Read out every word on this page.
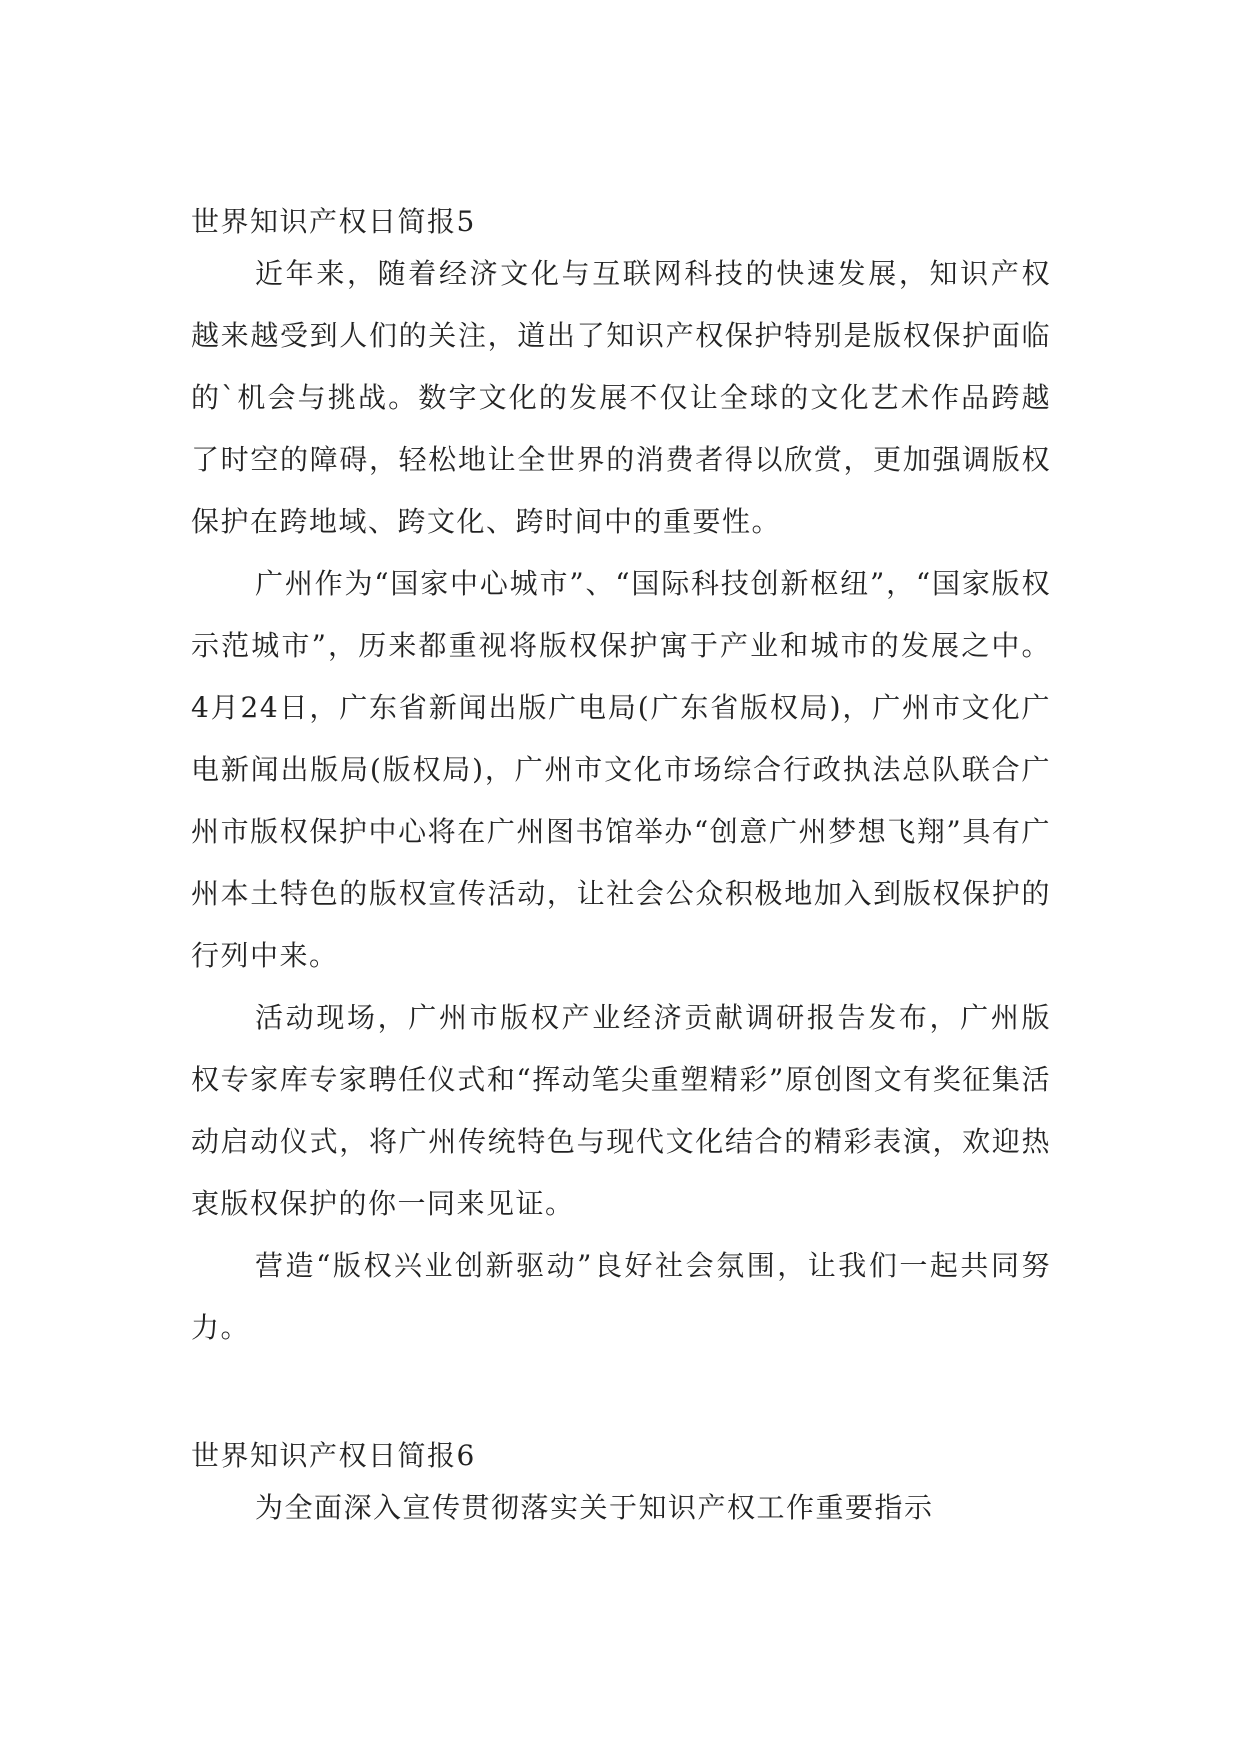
世界知识产权日简报5

近年来，随着经济文化与互联网科技的快速发展，知识产权越来越受到人们的关注，道出了知识产权保护特别是版权保护面临的`机会与挑战。数字文化的发展不仅让全球的文化艺术作品跨越了时空的障碍，轻松地让全世界的消费者得以欣赏，更加强调版权保护在跨地域、跨文化、跨时间中的重要性。

广州作为“国家中心城市”、“国际科技创新枢纽”，“国家版权示范城市”，历来都重视将版权保护寓于产业和城市的发展之中。4月24日，广东省新闻出版广电局(广东省版权局)，广州市文化广电新闻出版局(版权局)，广州市文化市场综合行政执法总队联合广州市版权保护中心将在广州图书馆举办“创意广州梦想飞翔”具有广州本土特色的版权宣传活动，让社会公众积极地加入到版权保护的行列中来。

活动现场，广州市版权产业经济贡献调研报告发布，广州版权专家库专家聘任仪式和“挥动笔尖重塑精彩”原创图文有奖征集活动启动仪式，将广州传统特色与现代文化结合的精彩表演，欢迎热衷版权保护的你一同来见证。

营造“版权兴业创新驱动”良好社会氛围，让我们一起共同努力。

世界知识产权日简报6

为全面深入宣传贯彻落实关于知识产权工作重要指示
